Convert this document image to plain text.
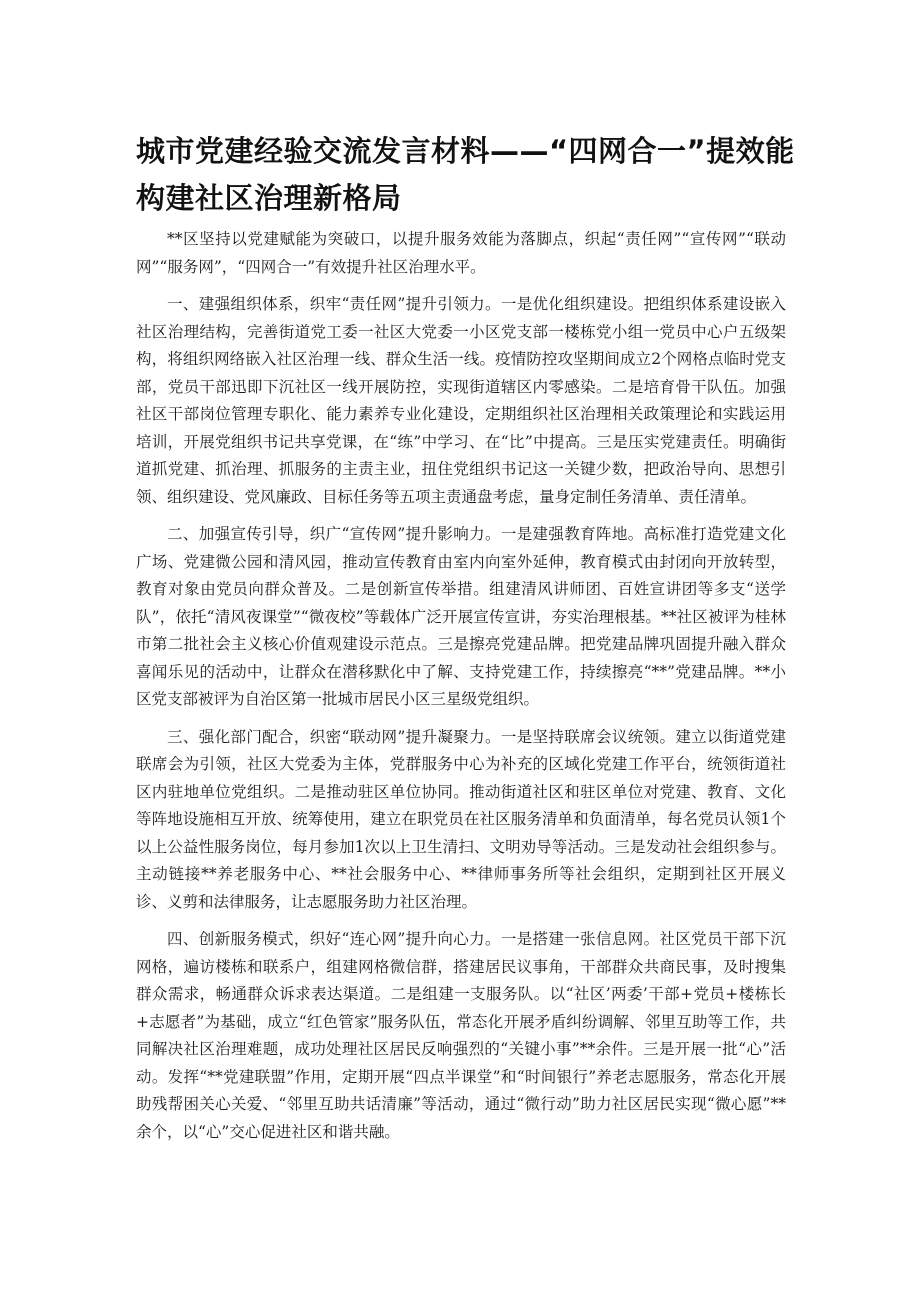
城市党建经验交流发言材料——“四网合一”提效能构建社区治理新格局

**区坚持以党建赋能为突破口，以提升服务效能为落脚点，织起“责任网”“宣传网”“联动网”“服务网”，“四网合一”有效提升社区治理水平。

一、建强组织体系，织牢“责任网”提升引领力。一是优化组织建设。把组织体系建设嵌入社区治理结构，完善街道党工委一社区大党委一小区党支部一楼栋党小组一党员中心户五级架构，将组织网络嵌入社区治理一线、群众生活一线。疫情防控攻坚期间成立2个网格点临时党支部，党员干部迅即下沉社区一线开展防控，实现街道辖区内零感染。二是培育骨干队伍。加强社区干部岗位管理专职化、能力素养专业化建设，定期组织社区治理相关政策理论和实践运用培训，开展党组织书记共享党课，在“练”中学习、在“比”中提高。三是压实党建责任。明确街道抓党建、抓治理、抓服务的主责主业，扭住党组织书记这一关键少数，把政治导向、思想引领、组织建设、党风廉政、目标任务等五项主责通盘考虑，量身定制任务清单、责任清单。

二、加强宣传引导，织广“宣传网”提升影响力。一是建强教育阵地。高标准打造党建文化广场、党建微公园和清风园，推动宣传教育由室内向室外延伸，教育模式由封闭向开放转型，教育对象由党员向群众普及。二是创新宣传举措。组建清风讲师团、百姓宣讲团等多支“送学队”，依托“清风夜课堂”“微夜校”等载体广泛开展宣传宣讲，夯实治理根基。**社区被评为桂林市第二批社会主义核心价值观建设示范点。三是擦亮党建品牌。把党建品牌巩固提升融入群众喜闻乐见的活动中，让群众在潜移默化中了解、支持党建工作，持续擦亮“**”党建品牌。**小区党支部被评为自治区第一批城市居民小区三星级党组织。

三、强化部门配合，织密“联动网”提升凝聚力。一是坚持联席会议统领。建立以街道党建联席会为引领，社区大党委为主体，党群服务中心为补充的区域化党建工作平台，统领街道社区内驻地单位党组织。二是推动驻区单位协同。推动街道社区和驻区单位对党建、教育、文化等阵地设施相互开放、统筹使用，建立在职党员在社区服务清单和负面清单，每名党员认领1个以上公益性服务岗位，每月参加1次以上卫生清扫、文明劝导等活动。三是发动社会组织参与。主动链接**养老服务中心、**社会服务中心、**律师事务所等社会组织，定期到社区开展义诊、义剪和法律服务，让志愿服务助力社区治理。

四、创新服务模式，织好“连心网”提升向心力。一是搭建一张信息网。社区党员干部下沉网格，遍访楼栋和联系户，组建网格微信群，搭建居民议事角，干部群众共商民事，及时搜集群众需求，畅通群众诉求表达渠道。二是组建一支服务队。以“社区’两委’干部+党员+楼栋长+志愿者”为基础，成立“红色管家”服务队伍，常态化开展矛盾纠纷调解、邻里互助等工作，共同解决社区治理难题，成功处理社区居民反响强烈的“关键小事”**余件。三是开展一批“心”活动。发挥“**党建联盟”作用，定期开展“四点半课堂”和“时间银行”养老志愿服务，常态化开展助残帮困关心关爱、“邻里互助共话清廉”等活动，通过“微行动”助力社区居民实现“微心愿”**余个，以“心”交心促进社区和谐共融。
